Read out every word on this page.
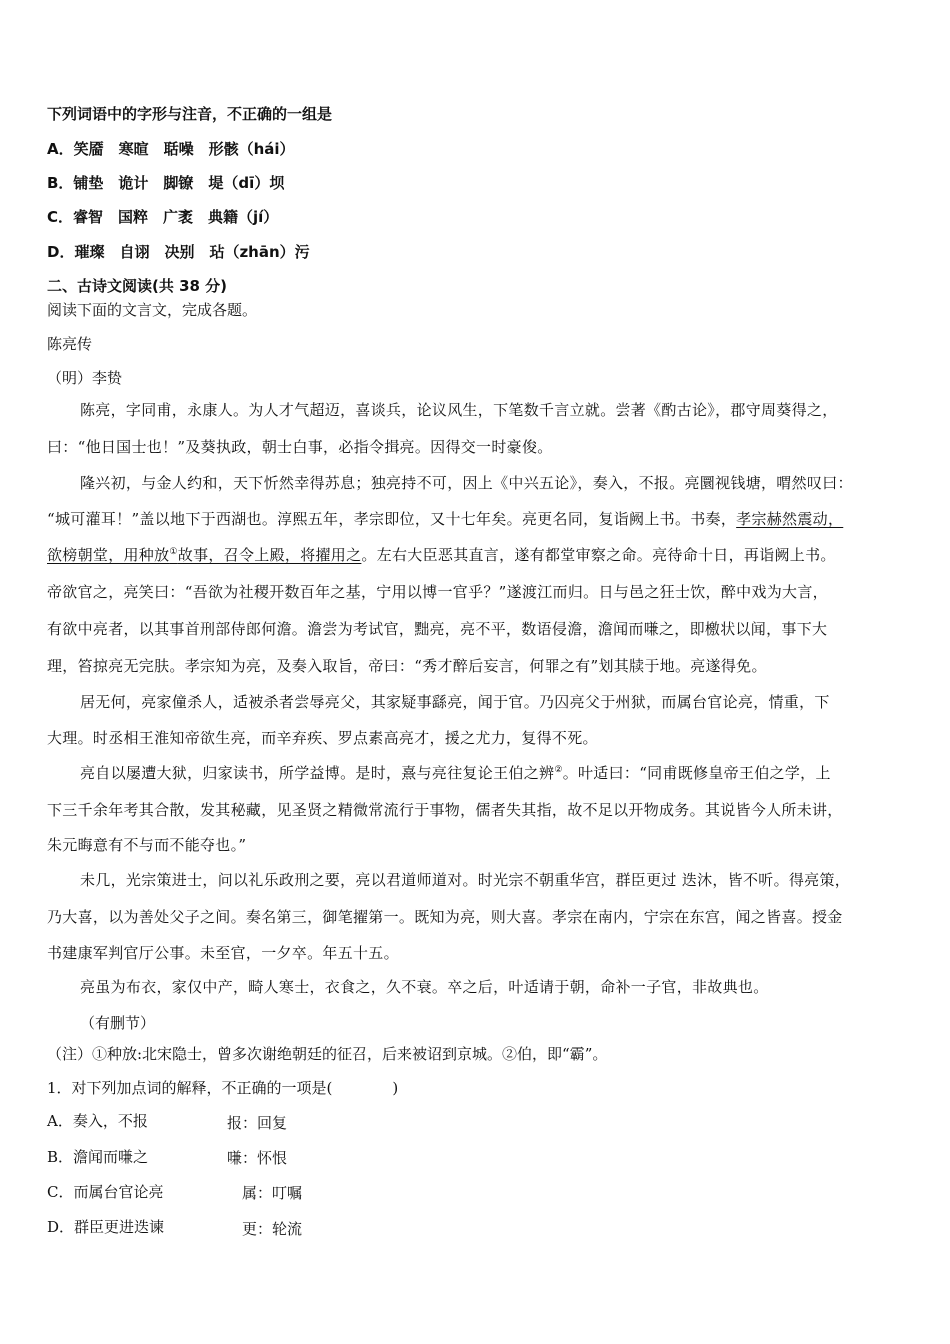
下列词语中的字形与注音，不正确的一组是
A．笑靥　寒暄　聒噪　形骸（hái）
B．铺垫　诡计　脚镣　堤（dī）坝
C．睿智　国粹　广袤　典籍（jí）
D．璀璨　自诩　决别　玷（zhān）污
二、古诗文阅读(共 38 分)
阅读下面的文言文，完成各题。
陈亮传
（明）李贽
陈亮，字同甫，永康人。为人才气超迈，喜谈兵，论议风生，下笔数千言立就。尝著《酌古论》，郡守周葵得之，
曰：“他日国士也！”及葵执政，朝士白事，必指令揖亮。因得交一时豪俊。
隆兴初，与金人约和，天下忻然幸得苏息；独亮持不可，因上《中兴五论》，奏入，不报。亮圜视钱塘，喟然叹曰：
“城可灌耳！”盖以地下于西湖也。淳熙五年，孝宗即位，又十七年矣。亮更名同，复诣阙上书。书奏，孝宗赫然震动，
欲榜朝堂，用种放①故事，召令上殿，将擢用之。左右大臣恶其直言，遂有都堂审察之命。亮待命十日，再诣阙上书。
帝欲官之，亮笑曰：“吾欲为社稷开数百年之基，宁用以博一官乎？”遂渡江而归。日与邑之狂士饮，醉中戏为大言，
有欲中亮者，以其事首刑部侍郎何澹。澹尝为考试官，黜亮，亮不平，数语侵澹，澹闻而嗛之，即檄状以闻，事下大
理，笞掠亮无完肤。孝宗知为亮，及奏入取旨，帝曰：“秀才醉后妄言，何罪之有”划其牍于地。亮遂得免。
居无何，亮家僮杀人，适被杀者尝辱亮父，其家疑事繇亮，闻于官。乃囚亮父于州狱，而属台官论亮，情重，下
大理。时丞相王淮知帝欲生亮，而辛弃疾、罗点素高亮才，援之尤力，复得不死。
亮自以屡遭大狱，归家读书，所学益博。是时，熹与亮往复论王伯之辨②。叶适曰：“同甫既修皇帝王伯之学，上
下三千余年考其合散，发其秘藏，见圣贤之精微常流行于事物，儒者失其指，故不足以开物成务。其说皆今人所未讲，
朱元晦意有不与而不能夺也。”
未几，光宗策进士，问以礼乐政刑之要，亮以君道师道对。时光宗不朝重华宫，群臣更过 迭沐，皆不听。得亮策，
乃大喜，以为善处父子之间。奏名第三，御笔擢第一。既知为亮，则大喜。孝宗在南内，宁宗在东宫，闻之皆喜。授金
书建康军判官厅公事。未至官，一夕卒。年五十五。
亮虽为布衣，家仅中产，畸人寒士，衣食之，久不衰。卒之后，叶适请于朝，命补一子官，非故典也。
（有删节）
（注）①种放:北宋隐士，曾多次谢绝朝廷的征召，后来被诏到京城。②伯，即“霸”。
1．对下列加点词的解释，不正确的一项是(　　　　)
A．奏入，不报	报：回复
B．澹闻而嗛之	嗛：怀恨
C．而属台官论亮	属：叮嘱
D．群臣更进迭谏	更：轮流
